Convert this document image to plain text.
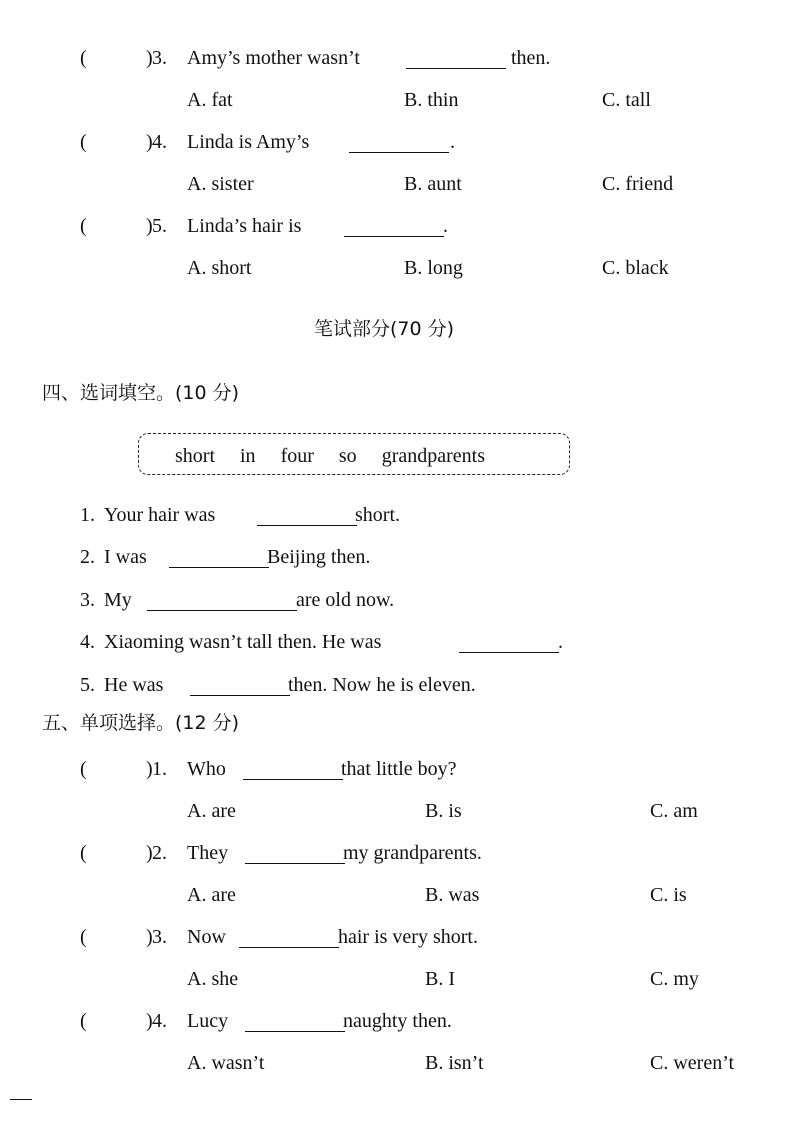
(	) 3. Amy’s mother wasn’t	then.
A. fat	B. thin	C. tall
(	) 4. Linda is Amy’s	.
A. sister	B. aunt	C. friend
(	) 5. Linda’s hair is	.
A. short	B. long	C. black
笔试部分(70 分)
四、选词填空。(10 分)
short in four so grandparents
1. Your hair was	short.
2. I was	Beijing then.
3. My	are old now.
4. Xiaoming wasn’t tall then. He was	.
5. He was	then. Now he is eleven.
五、单项选择。(12 分)
(	) 1. Who	that little boy?
A. are	B. is	C. am
(	) 2. They	my grandparents.
A. are	B. was	C. is
(	) 3. Now	hair is very short.
A. she	B. I	C. my
(	) 4. Lucy	naughty then.
A. wasn’t	B. isn’t	C. weren’t
